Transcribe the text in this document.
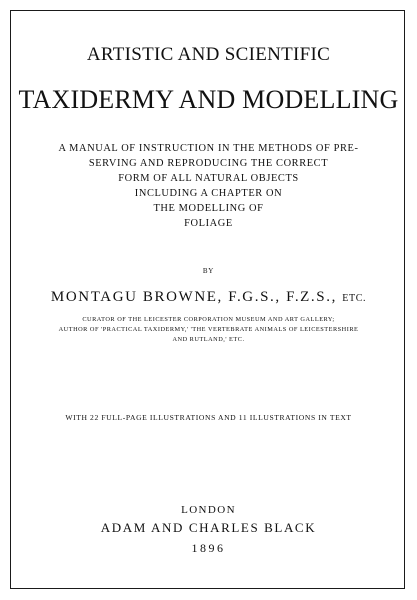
ARTISTIC AND SCIENTIFIC
TAXIDERMY AND MODELLING

A MANUAL OF INSTRUCTION IN THE METHODS OF PRE-

SERVING AND REPRODUCING THE CORRECT

FORM OF ALL NATURAL OBJECTS

INCLUDING A CHAPTER ON

THE MODELLING OF

FOLIAGE

BY

MONTAGU BROWNE, F.G.S., F.Z.S., ETC.

CURATOR OF THE LEICESTER CORPORATION MUSEUM AND ART GALLERY;

AUTHOR OF 'PRACTICAL TAXIDERMY,' 'THE VERTEBRATE ANIMALS OF LEICESTERSHIRE

AND RUTLAND,' ETC.

WITH 22 FULL-PAGE ILLUSTRATIONS AND 11 ILLUSTRATIONS IN TEXT

LONDON

ADAM AND CHARLES BLACK

1896
